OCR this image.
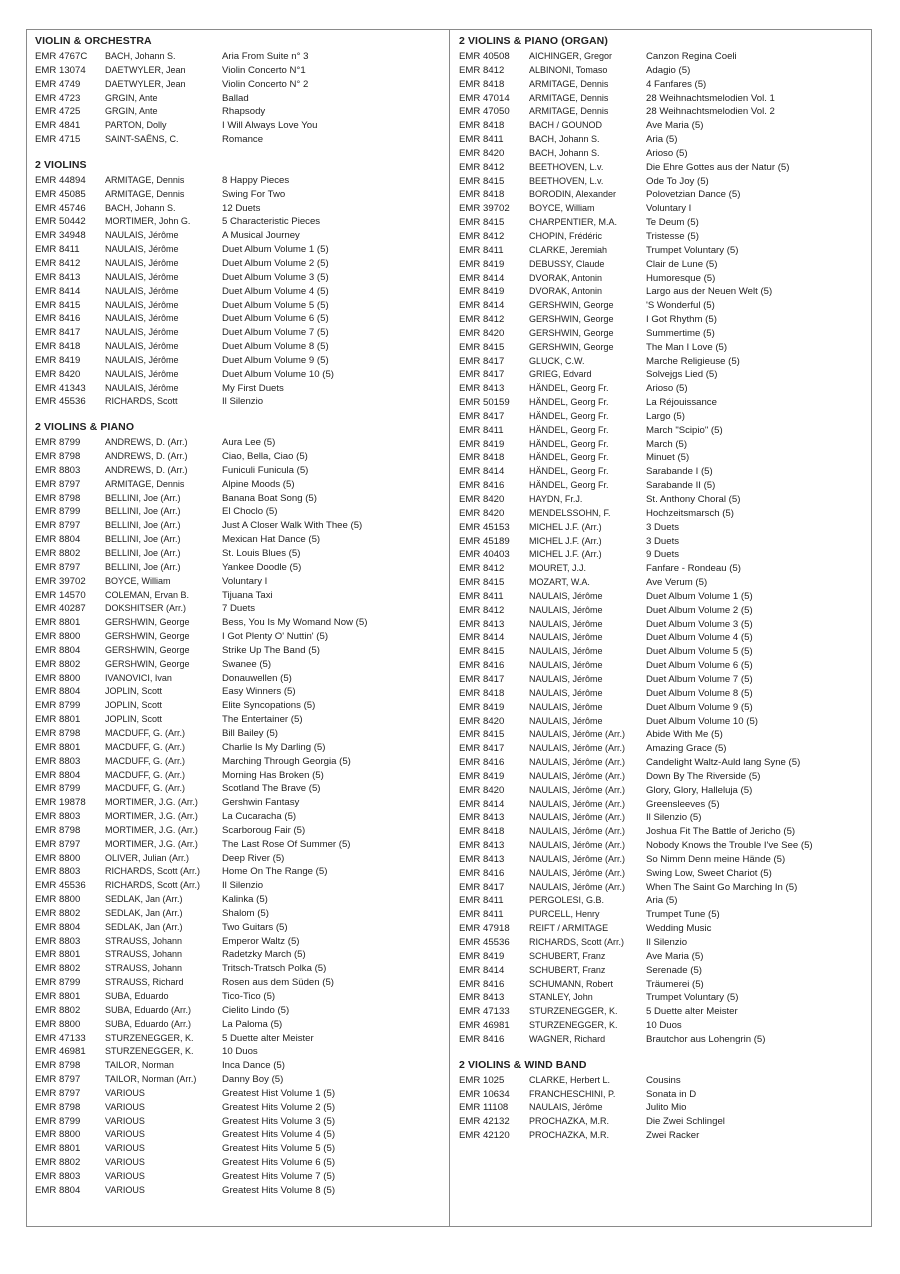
VIOLIN & ORCHESTRA
EMR 4767C	BACH, Johann S.	Aria From Suite n° 3
EMR 13074	DAETWYLER, Jean	Violin Concerto N°1
EMR 4749	DAETWYLER, Jean	Violin Concerto N° 2
EMR 4723	GRGIN, Ante	Ballad
EMR 4725	GRGIN, Ante	Rhapsody
EMR 4841	PARTON, Dolly	I Will Always Love You
EMR 4715	SAINT-SAËNS, C.	Romance
2 VIOLINS
EMR 44894	ARMITAGE, Dennis	8 Happy Pieces
EMR 45085	ARMITAGE, Dennis	Swing For Two
EMR 45746	BACH, Johann S.	12 Duets
EMR 50442	MORTIMER, John G.	5 Characteristic Pieces
EMR 34948	NAULAIS, Jérôme	A Musical Journey
EMR 8411	NAULAIS, Jérôme	Duet Album Volume 1 (5)
EMR 8412	NAULAIS, Jérôme	Duet Album Volume 2 (5)
EMR 8413	NAULAIS, Jérôme	Duet Album Volume 3 (5)
EMR 8414	NAULAIS, Jérôme	Duet Album Volume 4 (5)
EMR 8415	NAULAIS, Jérôme	Duet Album Volume 5 (5)
EMR 8416	NAULAIS, Jérôme	Duet Album Volume 6 (5)
EMR 8417	NAULAIS, Jérôme	Duet Album Volume 7 (5)
EMR 8418	NAULAIS, Jérôme	Duet Album Volume 8 (5)
EMR 8419	NAULAIS, Jérôme	Duet Album Volume 9 (5)
EMR 8420	NAULAIS, Jérôme	Duet Album Volume 10 (5)
EMR 41343	NAULAIS, Jérôme	My First Duets
EMR 45536	RICHARDS, Scott	Il Silenzio
2 VIOLINS & PIANO
EMR 8799	ANDREWS, D. (Arr.)	Aura Lee (5)
EMR 8798	ANDREWS, D. (Arr.)	Ciao, Bella, Ciao (5)
EMR 8803	ANDREWS, D. (Arr.)	Funiculi Funicula (5)
EMR 8797	ARMITAGE, Dennis	Alpine Moods (5)
EMR 8798	BELLINI, Joe (Arr.)	Banana Boat Song (5)
EMR 8799	BELLINI, Joe (Arr.)	El Choclo (5)
EMR 8797	BELLINI, Joe (Arr.)	Just A Closer Walk With Thee (5)
EMR 8804	BELLINI, Joe (Arr.)	Mexican Hat Dance (5)
EMR 8802	BELLINI, Joe (Arr.)	St. Louis Blues (5)
EMR 8797	BELLINI, Joe (Arr.)	Yankee Doodle (5)
EMR 39702	BOYCE, William	Voluntary I
EMR 14570	COLEMAN, Ervan B.	Tijuana Taxi
EMR 40287	DOKSHITSER (Arr.)	7 Duets
EMR 8801	GERSHWIN, George	Bess, You Is My Womand Now (5)
EMR 8800	GERSHWIN, George	I Got Plenty O' Nuttin' (5)
EMR 8804	GERSHWIN, George	Strike Up The Band (5)
EMR 8802	GERSHWIN, George	Swanee (5)
EMR 8800	IVANOVICI, Ivan	Donauwellen (5)
EMR 8804	JOPLIN, Scott	Easy Winners (5)
EMR 8799	JOPLIN, Scott	Elite Syncopations (5)
EMR 8801	JOPLIN, Scott	The Entertainer (5)
EMR 8798	MACDUFF, G. (Arr.)	Bill Bailey (5)
EMR 8801	MACDUFF, G. (Arr.)	Charlie Is My Darling (5)
EMR 8803	MACDUFF, G. (Arr.)	Marching Through Georgia (5)
EMR 8804	MACDUFF, G. (Arr.)	Morning Has Broken (5)
EMR 8799	MACDUFF, G. (Arr.)	Scotland The Brave (5)
EMR 19878	MORTIMER, J.G. (Arr.)	Gershwin Fantasy
EMR 8803	MORTIMER, J.G. (Arr.)	La Cucaracha (5)
EMR 8798	MORTIMER, J.G. (Arr.)	Scarboroug Fair (5)
EMR 8797	MORTIMER, J.G. (Arr.)	The Last Rose Of Summer (5)
EMR 8800	OLIVER, Julian (Arr.)	Deep River (5)
EMR 8803	RICHARDS, Scott (Arr.)	Home On The Range (5)
EMR 45536	RICHARDS, Scott (Arr.)	Il Silenzio
EMR 8800	SEDLAK, Jan (Arr.)	Kalinka (5)
EMR 8802	SEDLAK, Jan (Arr.)	Shalom (5)
EMR 8804	SEDLAK, Jan (Arr.)	Two Guitars (5)
EMR 8803	STRAUSS, Johann	Emperor Waltz (5)
EMR 8801	STRAUSS, Johann	Radetzky March (5)
EMR 8802	STRAUSS, Johann	Tritsch-Tratsch Polka (5)
EMR 8799	STRAUSS, Richard	Rosen aus dem Süden (5)
EMR 8801	SUBA, Eduardo	Tico-Tico (5)
EMR 8802	SUBA, Eduardo (Arr.)	Cielito Lindo (5)
EMR 8800	SUBA, Eduardo (Arr.)	La Paloma (5)
EMR 47133	STURZENEGGER, K.	5 Duette alter Meister
EMR 46981	STURZENEGGER, K.	10 Duos
EMR 8798	TAILOR, Norman	Inca Dance (5)
EMR 8797	TAILOR, Norman (Arr.)	Danny Boy (5)
EMR 8797	VARIOUS	Greatest Hist Volume 1 (5)
EMR 8798	VARIOUS	Greatest Hits Volume 2 (5)
EMR 8799	VARIOUS	Greatest Hits Volume 3 (5)
EMR 8800	VARIOUS	Greatest Hits Volume 4 (5)
EMR 8801	VARIOUS	Greatest Hits Volume 5 (5)
EMR 8802	VARIOUS	Greatest Hits Volume 6 (5)
EMR 8803	VARIOUS	Greatest Hits Volume 7 (5)
EMR 8804	VARIOUS	Greatest Hits Volume 8 (5)
2 VIOLINS & PIANO (ORGAN)
EMR 40508	AICHINGER, Gregor	Canzon Regina Coeli
EMR 8412	ALBINONI, Tomaso	Adagio (5)
EMR 8418	ARMITAGE, Dennis	4 Fanfares (5)
EMR 47014	ARMITAGE, Dennis	28 Weihnachtsmelodien Vol. 1
EMR 47050	ARMITAGE, Dennis	28 Weihnachtsmelodien Vol. 2
EMR 8418	BACH / GOUNOD	Ave Maria (5)
EMR 8411	BACH, Johann S.	Aria (5)
EMR 8420	BACH, Johann S.	Arioso (5)
EMR 8412	BEETHOVEN, L.v.	Die Ehre Gottes aus der Natur (5)
EMR 8415	BEETHOVEN, L.v.	Ode To Joy (5)
EMR 8418	BORODIN, Alexander	Polovetzian Dance (5)
EMR 39702	BOYCE, William	Voluntary I
EMR 8415	CHARPENTIER, M.A.	Te Deum (5)
EMR 8412	CHOPIN, Frédéric	Tristesse (5)
EMR 8411	CLARKE, Jeremiah	Trumpet Voluntary (5)
EMR 8419	DEBUSSY, Claude	Clair de Lune (5)
EMR 8414	DVORAK, Antonin	Humoresque (5)
EMR 8419	DVORAK, Antonin	Largo aus der Neuen Welt (5)
EMR 8414	GERSHWIN, George	'S Wonderful (5)
EMR 8412	GERSHWIN, George	I Got Rhythm (5)
EMR 8420	GERSHWIN, George	Summertime (5)
EMR 8415	GERSHWIN, George	The Man I Love (5)
EMR 8417	GLUCK, C.W.	Marche Religieuse (5)
EMR 8417	GRIEG, Edvard	Solvejgs Lied (5)
EMR 8413	HÄNDEL, Georg Fr.	Arioso (5)
EMR 50159	HÄNDEL, Georg Fr.	La Réjouissance
EMR 8417	HÄNDEL, Georg Fr.	Largo (5)
EMR 8411	HÄNDEL, Georg Fr.	March "Scipio" (5)
EMR 8419	HÄNDEL, Georg Fr.	March (5)
EMR 8418	HÄNDEL, Georg Fr.	Minuet (5)
EMR 8414	HÄNDEL, Georg Fr.	Sarabande I (5)
EMR 8416	HÄNDEL, Georg Fr.	Sarabande II (5)
EMR 8420	HAYDN, Fr.J.	St. Anthony Choral (5)
EMR 8420	MENDELSSOHN, F.	Hochzeitsmarsch (5)
EMR 45153	MICHEL J.F. (Arr.)	3 Duets
EMR 45189	MICHEL J.F. (Arr.)	3 Duets
EMR 40403	MICHEL J.F. (Arr.)	9 Duets
EMR 8412	MOURET, J.J.	Fanfare - Rondeau (5)
EMR 8415	MOZART, W.A.	Ave Verum (5)
EMR 8411	NAULAIS, Jérôme	Duet Album Volume 1 (5)
EMR 8412	NAULAIS, Jérôme	Duet Album Volume 2 (5)
EMR 8413	NAULAIS, Jérôme	Duet Album Volume 3 (5)
EMR 8414	NAULAIS, Jérôme	Duet Album Volume 4 (5)
EMR 8415	NAULAIS, Jérôme	Duet Album Volume 5 (5)
EMR 8416	NAULAIS, Jérôme	Duet Album Volume 6 (5)
EMR 8417	NAULAIS, Jérôme	Duet Album Volume 7 (5)
EMR 8418	NAULAIS, Jérôme	Duet Album Volume 8 (5)
EMR 8419	NAULAIS, Jérôme	Duet Album Volume 9 (5)
EMR 8420	NAULAIS, Jérôme	Duet Album Volume 10 (5)
EMR 8415	NAULAIS, Jérôme (Arr.)	Abide With Me (5)
EMR 8417	NAULAIS, Jérôme (Arr.)	Amazing Grace (5)
EMR 8416	NAULAIS, Jérôme (Arr.)	Candelight Waltz-Auld lang Syne (5)
EMR 8419	NAULAIS, Jérôme (Arr.)	Down By The Riverside (5)
EMR 8420	NAULAIS, Jérôme (Arr.)	Glory, Glory, Halleluja (5)
EMR 8414	NAULAIS, Jérôme (Arr.)	Greensleeves (5)
EMR 8413	NAULAIS, Jérôme (Arr.)	Il Silenzio (5)
EMR 8418	NAULAIS, Jérôme (Arr.)	Joshua Fit The Battle of Jericho (5)
EMR 8413	NAULAIS, Jérôme (Arr.)	Nobody Knows the Trouble I've See (5)
EMR 8413	NAULAIS, Jérôme (Arr.)	So Nimm Denn meine Hände (5)
EMR 8416	NAULAIS, Jérôme (Arr.)	Swing Low, Sweet Chariot (5)
EMR 8417	NAULAIS, Jérôme (Arr.)	When The Saint Go Marching In (5)
EMR 8411	PERGOLESI, G.B.	Aria (5)
EMR 8411	PURCELL, Henry	Trumpet Tune (5)
EMR 47918	REIFT / ARMITAGE	Wedding Music
EMR 45536	RICHARDS, Scott (Arr.)	Il Silenzio
EMR 8419	SCHUBERT, Franz	Ave Maria (5)
EMR 8414	SCHUBERT, Franz	Serenade (5)
EMR 8416	SCHUMANN, Robert	Träumerei (5)
EMR 8413	STANLEY, John	Trumpet Voluntary (5)
EMR 47133	STURZENEGGER, K.	5 Duette alter Meister
EMR 46981	STURZENEGGER, K.	10 Duos
EMR 8416	WAGNER, Richard	Brautchor aus Lohengrin (5)
2 VIOLINS & WIND BAND
EMR 1025	CLARKE, Herbert L.	Cousins
EMR 10634	FRANCHESCHINI, P.	Sonata in D
EMR 11108	NAULAIS, Jérôme	Julito Mio
EMR 42132	PROCHAZKA, M.R.	Die Zwei Schlingel
EMR 42120	PROCHAZKA, M.R.	Zwei Racker
